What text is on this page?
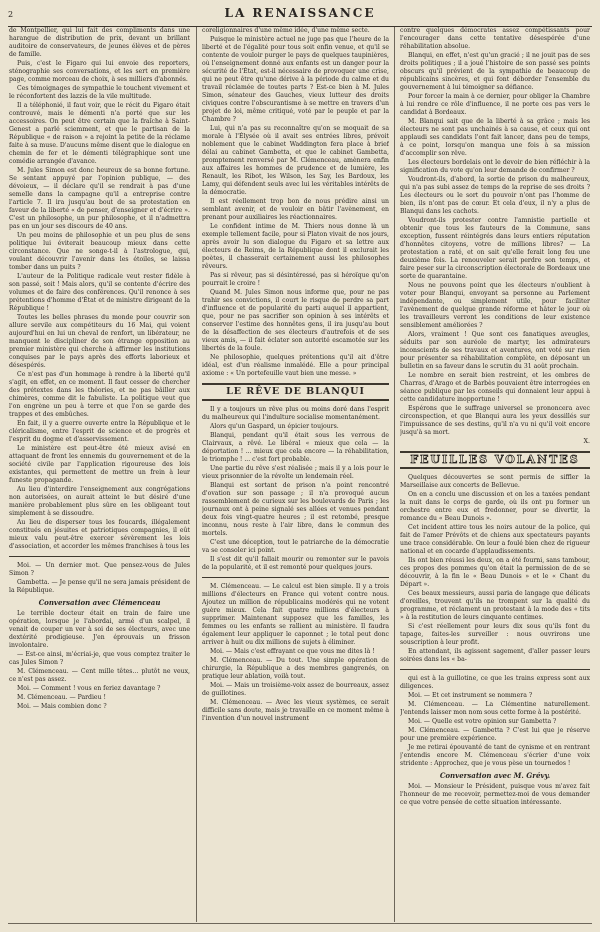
2	LA RENAISSANCE

de Montpellier, qui lui fait des compliments dans une harangue de distribution de prix, devant un brillant auditoire de conservateurs, de jeunes élèves et de pères de famille.

Puis, c'est le Figaro qui lui envoie des reporters, sténographie ses conversations, et les sert en première page, comme morceau de choix, à ses milliers d'abonnés.

Ces témoignages de sympathie le touchent vivement et le réconfortent des lazzis de la vile multitude.

Il a téléphonié, il faut voir, que le récit du Figaro était controuvé, mais le démenti n'a porté que sur les accessoires. On peut être certain que la fraîche à Saint-Genest a parlé sciemment, et que le partisan de la République « de raison » a rejoint la petite de la réclame faite à sa muse. D'aucuns même disent que le dialogue en chemin de fer et le démenti télégraphique sont une comédie arrangée d'avance.

M. Jules Simon est donc heureux de sa bonne fortune. Se sentant appuyé par l'opinion publique, — des dévoieux, — il déclare qu'il se rendrait à pas d'une semelle dans la campagne qu'il a entreprise contre l'article 7. Il ira jusqu'au bout de sa protestation en faveur de la liberté « de penser, d'enseigner et d'écrire ». C'est un philosophe, un pur philosophe, et il n'admettra pas en un jour ses discours de 40 ans.

Un peu moins de philosophie et un peu plus de sens politique lui éviterait beaucoup mieux dans cette circonstance. Que ne songe-t-il à l'astrologue, qui, voulant découvrir l'avenir dans les étoiles, se laissa tomber dans un puits ?

L'auteur de la Politique radicale veut rester fidèle à son passé, soit ! Mais alors, qu'il se contente d'écrire des volumes et de faire des conférences. Qu'il renonce à ses prétentions d'homme d'État et de ministre dirigeant de la République !

Toutes les belles phrases du monde pour couvrir son allure servile aux compétiteurs du 16 Mai, qui voient aujourd'hui en lui un cheval de renfort, un libérateur, ne manquent le discipliner de son étrange opposition au premier ministère qui cherche à affirmer les institutions conquises par le pays après des efforts laborieux et désespérés.

Ce n'est pas d'un hommage à rendre à la liberté qu'il s'agit, en effet, en ce moment. Il faut cesser de chercher des prétextes dans les théories, et ne pas bâiller aux chimères, comme dit le fabuliste. La politique veut que l'on engrène un peu à terre et que l'on se garde des trappes et des embûches.

En fait, il y a guerre ouverte entre la République et le cléricalisme, entre l'esprit de science et de progrès et l'esprit du dogme et d'asservissement.

Le ministère est peut-être été mieux avisé en attaquant de front les ennemis du gouvernement et de la société civile par l'application rigoureuse des lois existantes, qui permettent de mettre un frein à leur funeste propagande.

Au lieu d'interdire l'enseignement aux congrégations non autorisées, on aurait atteint le but désiré d'une manière probablement plus sûre en les obligeant tout simplement à se dissoudre.

Au lieu de disperser tous les foucards, illégalement constitués en jésuites et patriotiques compagnies, il eût mieux valu peut-être exercer sévèrement les lois d'association, et accorder les mêmes franchises à tous les

Moi. — Un dernier mot. Que pensez-vous de Jules Simon ?

Gambetta. — Je pense qu'il ne sera jamais président de la République.

Conversation avec Clémenceau

Le terrible docteur était en train de faire une opération, lorsque je l'abordai, armé d'un scalpel, il venait de couper un ver à soi de ses électeurs, avec une dextérité prodigieuse. J'en éprouvais un frisson involontaire.

— Est-ce ainsi, m'écriai-je, que vous comptez traiter le cas Jules Simon ?

M. Clémenceau. — Cent mille têtes... plutôt ne veux, ce n'est pas assez.

Moi. — Comment ! vous en feriez davantage ?

M. Clémenceau. — Pardieu !

Moi. — Mais combien donc ?

coreligionnaires d'une même idée, d'une même secte.

Puisque le ministère actuel ne juge pas que l'heure de la liberté et de l'égalité pour tous soit enfin venue, et qu'il se contente de vouloir purger le pays de quelques taupinières, où l'enseignement donné aux enfants est un danger pour la sécurité de l'État, est-il nécessaire de provoquer une crise, qui ne peut être qu'une dérive à la période du calme et du travail réclamée de toutes parts ? Est-ce bien à M. Jules Simon, sénateur des Gauches, vieux lutteur des droits civiques contre l'obscurantisme à se mettre en travers d'un projet de loi, même critiqué, voté par le peuple et par la Chambre ?

Lui, qui n'a pas su reconnaître qu'on se moquait de sa morale à l'Élysée où il avait ses entrées libres, prévoit noblement que le cabinet Waddington fera place à brief délai au cabinet Gambetta, et que le cabinet Gambetta, promptement renversé par M. Clémenceau, amènera enfin aux affaires les hommes de prudence et de lumière, les Renault, les Ribot, les Wilson, les Say, les Bardoux, les Lamy, qui défendent seuls avec lui les véritables intérêts de la démocratie.

Il est réellement trop bon de nous prédire ainsi un semblant avenir, et de vouloir en bâtir l'avènement, en prenant pour auxiliaires les réactionnaires.

Le confident intime de M. Thiers nous donne là un exemple tellement facile, pour si Platon vivait de nos jours, après avoir lu son dialogue du Figaro et sa lettre aux électeurs de Reims, de la République dont il exclurait les poètes, il chasserait certainement aussi les philosophes rêveurs.

Pas si rêveur, pas si désintéressé, pas si héroïque qu'on pourrait le croire !

Quand M. Jules Simon nous informe que, pour ne pas trahir ses convictions, il court le risque de perdre sa part d'influence et de popularité du parti auquel il appartient, que, pour ne pas sacrifier son opinion à ses intérêts et conserver l'estime des honnêtes gens, il ira jusqu'au bout de la désaffection de ses électeurs d'autrefois et de ses vieux amis, — il fait éclater son autorité escamotée sur les libertés de la foule.

Ne philosophie, quelques prétentions qu'il ait d'être idéal, est d'un réalisme inmalédé. Elle a pour principal axiome : « Un portefeuille vaut bien une messe. »

LE RÊVE DE BLANQUI

Il y a toujours un rêve plus ou moins doré dans l'esprit du malheureux qui l'indulture socialise momentanément.

Alors qu'un Gaspard, un épicier toujours.

Blanqui, pendant qu'il était sous les verrous de Clairvaux, a rêvé. Le libéral « mieux que cela — la déportation ! ... mieux que cela encore — la réhabilitation, le triomphe ! ... c'est fort probable.

Une partie du rêve s'est réalisée ; mais il y a lois pour le vieux prisonnier de la révolte un lendemain réel.

Blanqui est sortant de prison n'a point rencontré d'ovation sur son passage ; il n'a provoqué aucun rassemblement de curieux sur les boulevards de Paris ; les journaux ont à peine signalé ses allées et venues pendant deux fois vingt-quatre heures ; il est retombé, presque inconnu, nous reste à l'air libre, dans le commun des mortels.

C'est une déception, tout le patriarche de la démocratie va se consoler ici point.

Il s'est dit qu'il fallait mourir ou remonter sur le pavois de la popularité, et il est remonté pour quelques jours.

M. Clémenceau. — Le calcul est bien simple. Il y a trois millions d'électeurs en France qui votent contre nous. Ajoutez un million de républicains modérés qui ne votent guère mieux. Cela fait quatre millions d'électeurs à supprimer. Maintenant supposez que les familles, les femmes ou les enfants se rallient au ministère. Il faudra également leur appliquer le caponnet ; le total peut donc arriver à huit ou dix millions de sujets à éliminer.

Moi. — Mais c'est effrayant ce que vous me dites là !

M. Clémenceau. — Du tout. Une simple opération de chirurgie, la République a des membres gangrenés, on pratique leur ablation, voilà tout.

Moi. — Mais un troisième-voix assez de bourreaux, assez de guillotines.

M. Clémenceau. — Avec les vieux systèmes, ce serait difficile sans doute, mais je travaille en ce moment même à l'invention d'un nouvel instrument

contre quelques démocrates assez compétissants pour l'encourager dans cette tentative désespérée d'une réhabilitation absolue.

Blanqui, en effet, n'est qu'un gracié ; il ne jouit pas de ses droits politiques ; il a joué l'histoire de son passé ses points obscurs qu'il prévient de la sympathie de beaucoup de républicains sincères, et qui font déborder l'ensemble du gouvernement à lui témoigner sa défiance.

Pour forcer la main à ce dernier, pour obliger la Chambre à lui rendre ce rôle d'influence, il ne porte ces pas vers le candidat à Bordeaux.

M. Blanqui sait que de la liberté à sa grâce ; mais les électeurs ne sont pas unchainés à sa cause, et ceux qui ont applaudi ses candidats l'ont fait lancer, dans peu de temps, à ce point, lorsqu'on manqua une fois à sa mission d'accomplir son rêve.

Les électeurs bordelais ont le devoir de bien réfléchir à la signification du vote qu'on leur demande de confirmer ?

Voudront-ils, d'abord, la sortie de prison du malheureux, qui n'a pas subi assez de temps de la reprise de ses droits ? Les électeurs ou le sort du pouvoir n'ont pas l'homme de bien, ils n'ont pas de cœur. Et cela d'eux, il n'y a plus de Blanqui dans les cachots.

Voudront-ils protester contre l'amnistie partielle et obtenir que tous les fauteurs de la Commune, sans exception, fussent réintégrés dans leurs entiers réputation d'honnêtes citoyens, votre de millions libres? — La protestation a raté, et on sait qu'elle ferait long feu une deuxième fois. La renouveler serait perdre son temps, et faire peser sur la circonscription électorale de Bordeaux une sorte de quarantaine.

Nous ne pouvons point que les électeurs n'oublient à voter pour Blanqui, envoyant sa personne au Parlement indépendante, ou simplement utile, pour faciliter l'avènement de quelque grande réforme et hâter le jour où les travailleurs verront les conditions de leur existence sensiblement améliorées ?

Alors, vraiment ! Que sont ces fanatiques aveugles, séduits par son auréole de martyr, les admirateurs inconscients de ses travaux et aventures, ont voté sur rien pour présenter sa réhabilitation complète, en déposant un bulletin en sa faveur dans le scrutin du 31 août prochain.

Le nombre en serait bien restreint, et les ombres de Charras, d'Arago et de Barbès pouvaient être interrogées en séance publique par les conseils qui donnaient leur appui à cette candidature inopportune !

Espérons que le suffrage universel se prononcera avec circonspection, et que Blanqui aura les yeux dessillés sur l'impuissance de ses destins, qu'il n'a vu ni qu'il voit encore jusqu'à sa mort.

X.

FEUILLES VOLANTES

Quelques découvertes se sont permis de siffler la Marseillaise aux concerts de Bellevue.

On en a conclu une discussion et on les a taxées pendant la nuit dans le corps de garde, où ils ont pu former un orchestre entre eux et fredonner, pour se divertir, la romance du « Beau Dunois ».

Cet incident attire tous les noirs autour de la police, qui fait de l'amer Prévôts et de chiens aux spectateurs payants une trace considérable. On leur a foulé bien chez de rigueur national et en cocarde d'applaudissements.

Ils ont bien réussi les deux, on a été fourni, sans tambour, ces propos des pommes qu'on était la permission de de se découvrir, à la fin le « Beau Dunois » et le « Chant du Départ ».

Ces beaux messieurs, aussi paria de langage que délicats d'oreilles, trouvent qu'ils ne trompent sur la qualité du programme, et réclament un protestant à la mode des « tits » à la restitution de leurs cinquante centimes.

Si c'est réellement pour leurs dix sous qu'ils font du tapage, faites-les surveiller : nous ouvrirons une souscription à leur profit.

En attendant, ils agissent sagement, d'aller passer leurs soirées dans les « ba-

qui est à la guillotine, ce que les trains express sont aux diligences.

Moi. — Et cet instrument se nommera ?

M. Clémenceau. — La Clémentine naturellement. J'entends laisser mon nom sous cette forme à la postérité.

Moi. — Quelle est votre opinion sur Gambetta ?

M. Clémenceau. — Gambetta ? C'est lui que je réserve pour une première expérience.

Je me retirai épouvanté de tant de cynisme et en rentrant j'entendis encore M. Clémenceau s'écrier d'une voix stridente : Approchez, que je vous pèse un tournedos !

Conversation avec M. Grévy.

Moi. — Monsieur le Président, puisque vous m'avez fait l'honneur de me recevoir, permettez-moi de vous demander ce que votre pensée de cette situation intéressante.
